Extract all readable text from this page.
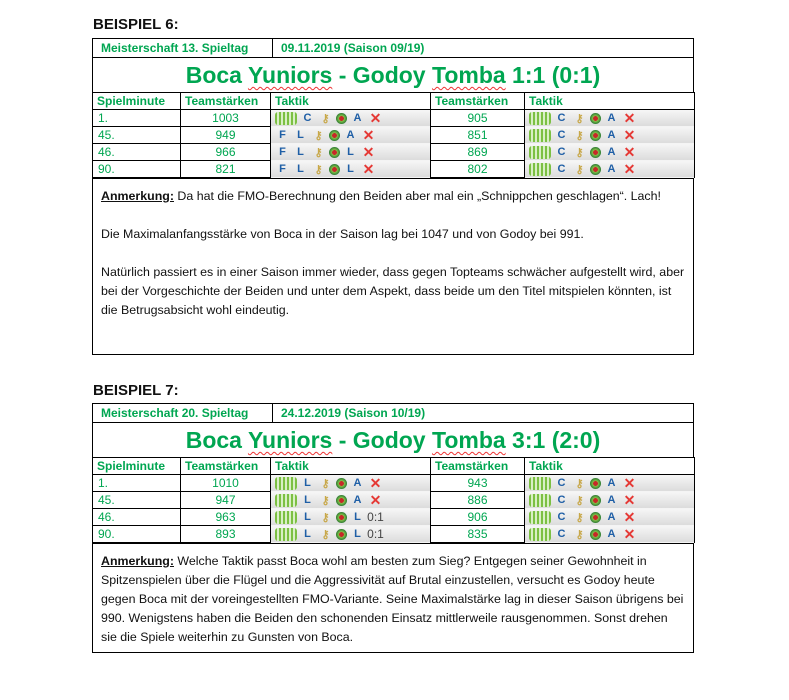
BEISPIEL 6:
Meisterschaft 13. Spieltag	09.11.2019 (Saison 09/19)
Boca Yuniors - Godoy Tomba 1:1 (0:1)
Spielminute	Teamstärken	Taktik	Teamstärken	Taktik
1.	1003	C ⚷ A ✕	905	C ⚷ A ✕

45.	949	F L ⚷ A ✕	851	C ⚷ A ✕

46.	966	F L ⚷ L ✕	869	C ⚷ A ✕

90.	821	F L ⚷ L ✕	802	C ⚷ A ✕

Anmerkung: Da hat die FMO-Berechnung den Beiden aber mal ein „Schnippchen geschlagen“. Lach!

Die Maximalanfangsstärke von Boca in der Saison lag bei 1047 und von Godoy bei 991.

Natürlich passiert es in einer Saison immer wieder, dass gegen Topteams schwächer aufgestellt wird, aber bei der Vorgeschichte der Beiden und unter dem Aspekt, dass beide um den Titel mitspielen könnten, ist die Betrugsabsicht wohl eindeutig.

BEISPIEL 7:
Meisterschaft 20. Spieltag	24.12.2019 (Saison 10/19)
Boca Yuniors - Godoy Tomba 3:1 (2:0)
Spielminute	Teamstärken	Taktik	Teamstärken	Taktik
1.	1010	L ⚷ A ✕	943	C ⚷ A ✕

45.	947	L ⚷ A ✕	886	C ⚷ A ✕

46.	963	L ⚷ L 0:1	906	C ⚷ A ✕

90.	893	L ⚷ L 0:1	835	C ⚷ A ✕

Anmerkung: Welche Taktik passt Boca wohl am besten zum Sieg? Entgegen seiner Gewohnheit in Spitzenspielen über die Flügel und die Aggressivität auf Brutal einzustellen, versucht es Godoy heute gegen Boca mit der voreingestellten FMO-Variante. Seine Maximalstärke lag in dieser Saison übrigens bei 990. Wenigstens haben die Beiden den schonenden Einsatz mittlerweile rausgenommen. Sonst drehen sie die Spiele weiterhin zu Gunsten von Boca.
